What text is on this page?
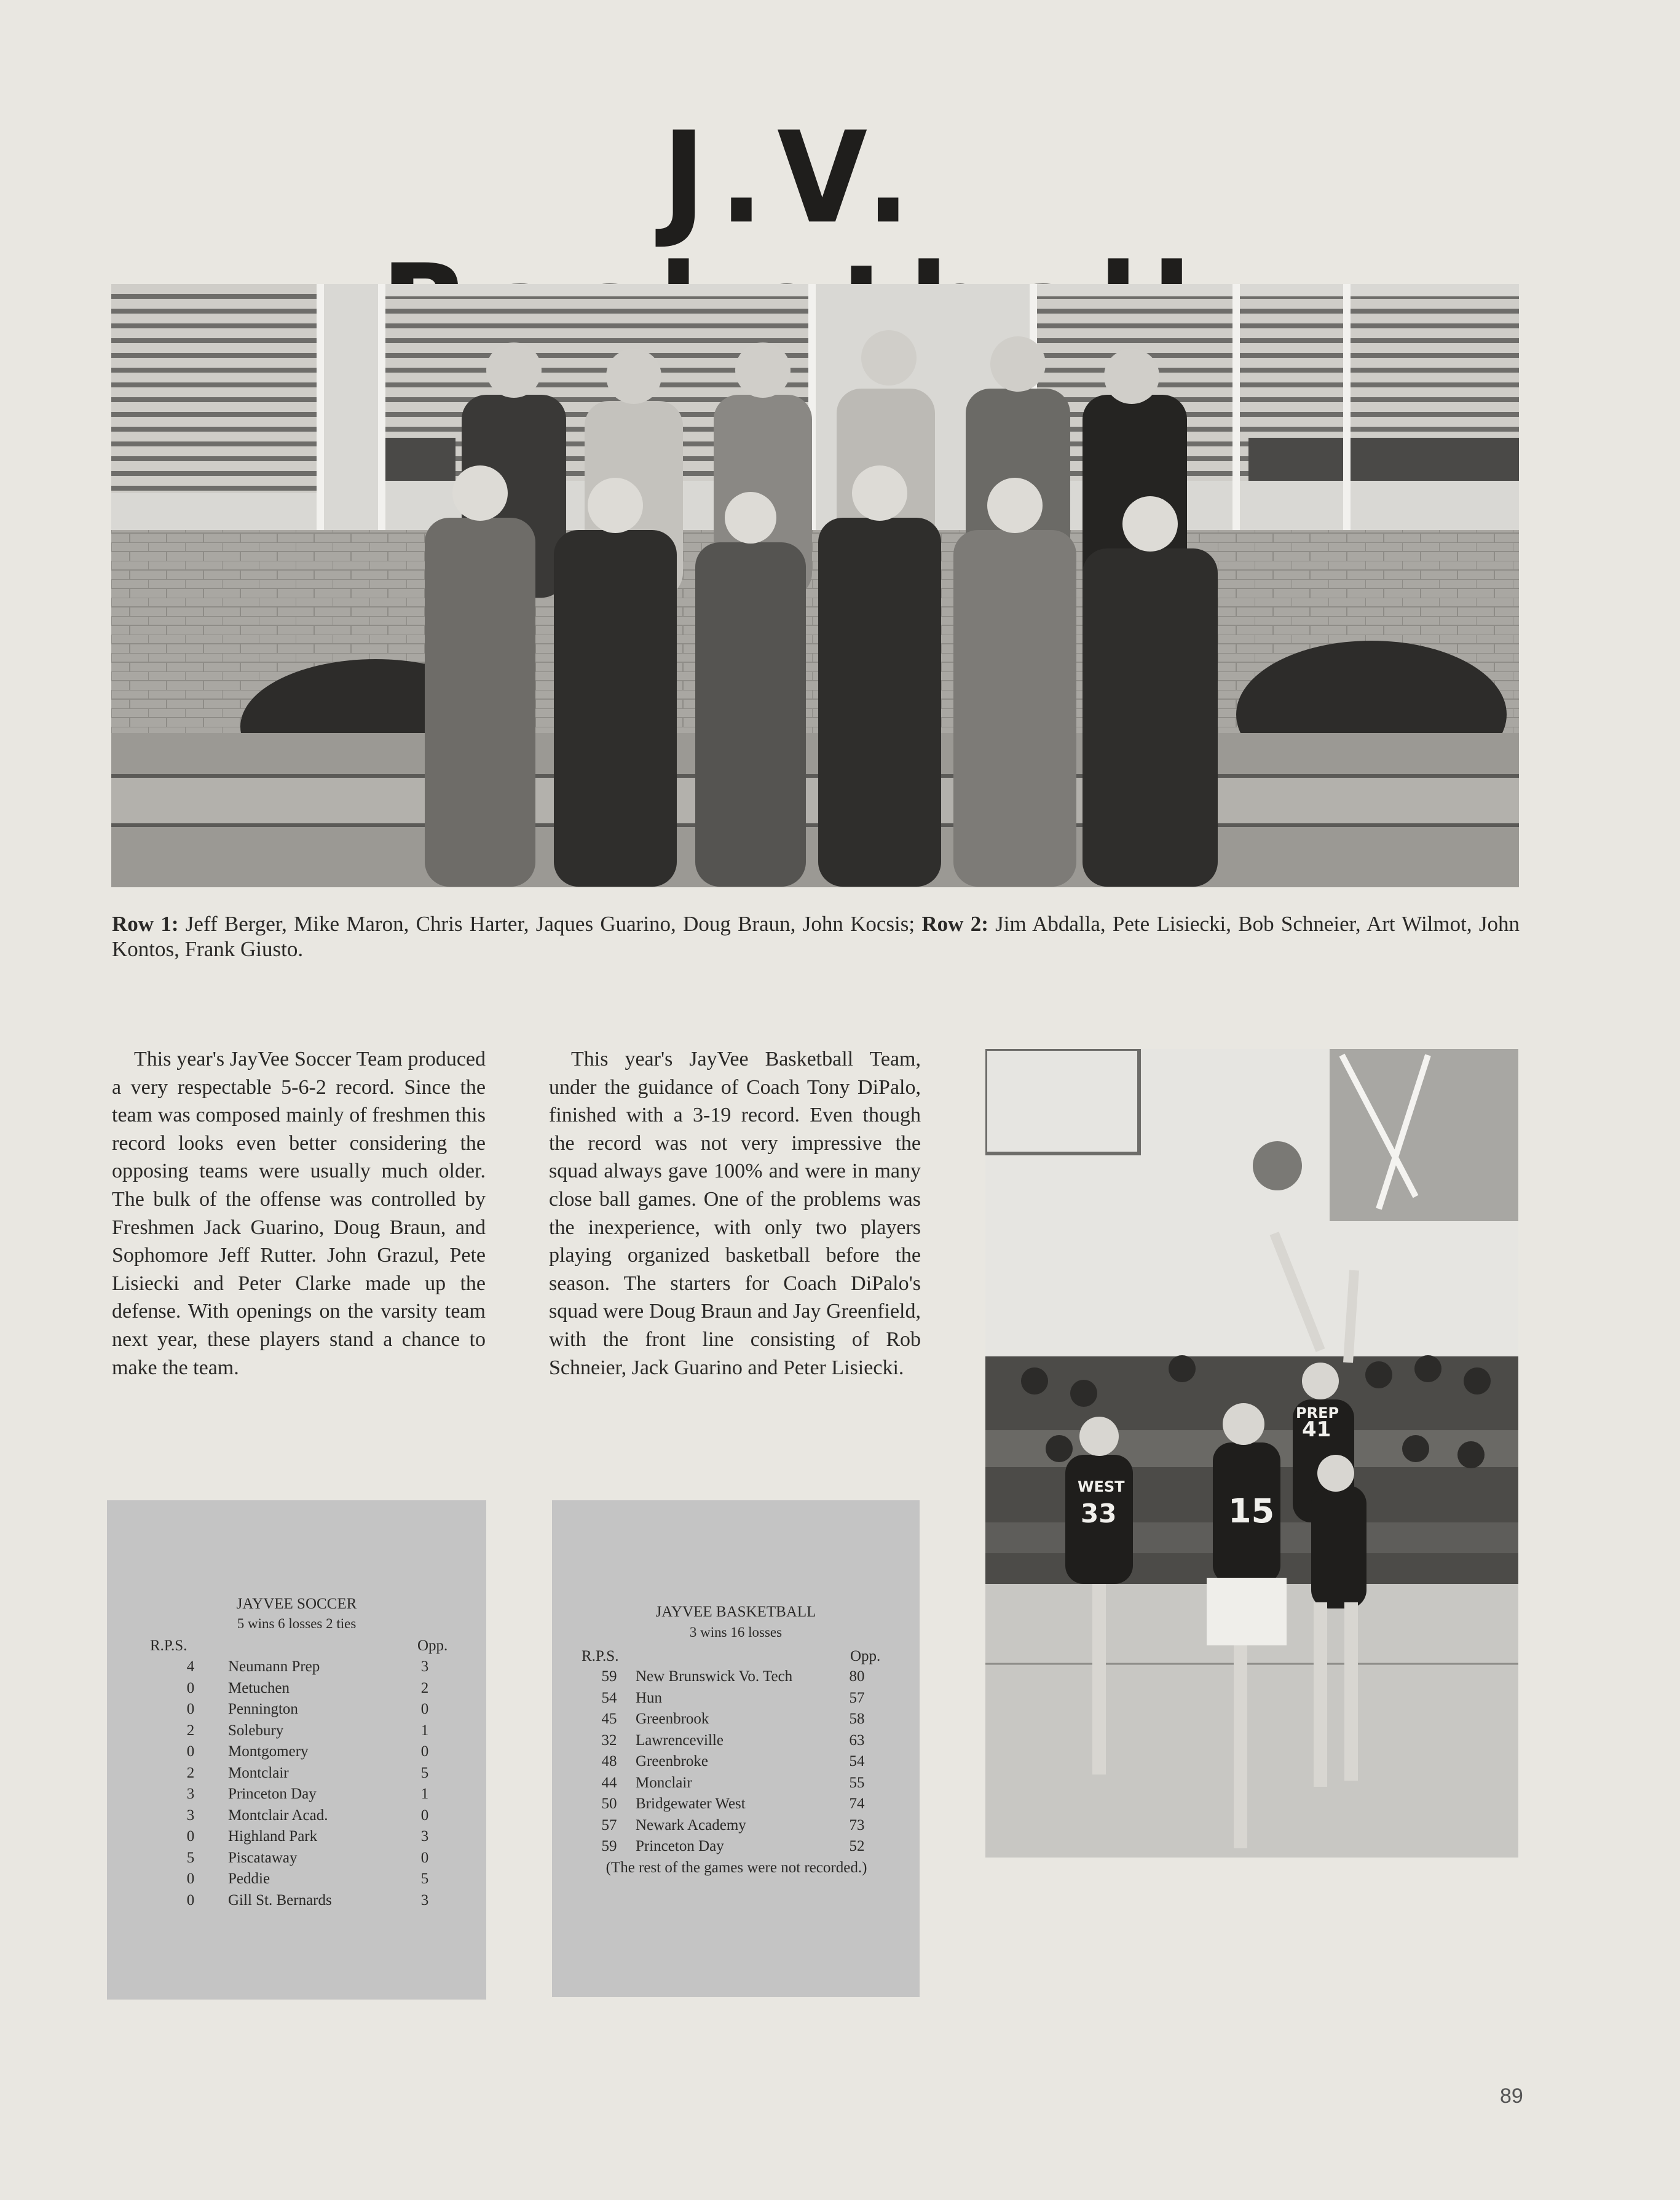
J.V.
Row 1: Jeff Berger, Mike Maron, Chris Harter, Jaques Guarino, Doug Braun, John Kocsis; Row 2: Jim Abdalla, Pete Lisiecki, Bob Schneier, Art Wilmot, John Kontos, Frank Giusto.

This year's JayVee Soccer Team produced a very respectable 5-6-2 record. Since the team was composed mainly of freshmen this record looks even better considering the opposing teams were usually much older. The bulk of the offense was controlled by Freshmen Jack Guarino, Doug Braun, and Sophomore Jeff Rutter. John Grazul, Pete Lisiecki and Peter Clarke made up the defense. With openings on the varsity team next year, these players stand a chance to make the team.

This year's JayVee Basketball Team, under the guidance of Coach Tony DiPalo, finished with a 3-19 record. Even though the record was not very impressive the squad always gave 100% and were in many close ball games. One of the problems was the inexperience, with only two players playing organized basketball before the season. The starters for Coach DiPalo's squad were Doug Braun and Jay Greenfield, with the front line consisting of Rob Schneier, Jack Guarino and Peter Lisiecki.

33
WEST
15
41
PREP
JAYVEE SOCCER
5 wins 6 losses 2 ties
R.P.S.	Opp.
4	Neumann Prep	3
0	Metuchen	2
0	Pennington	0
2	Solebury	1
0	Montgomery	0
2	Montclair	5
3	Princeton Day	1
3	Montclair Acad.	0
0	Highland Park	3
5	Piscataway	0
0	Peddie	5
0	Gill St. Bernards	3
JAYVEE BASKETBALL
3 wins 16 losses
R.P.S.	Opp.
59	New Brunswick Vo. Tech	80
54	Hun	57
45	Greenbrook	58
32	Lawrenceville	63
48	Greenbroke	54
44	Monclair	55
50	Bridgewater West	74
57	Newark Academy	73
59	Princeton Day	52
(The rest of the games were not recorded.)
89
